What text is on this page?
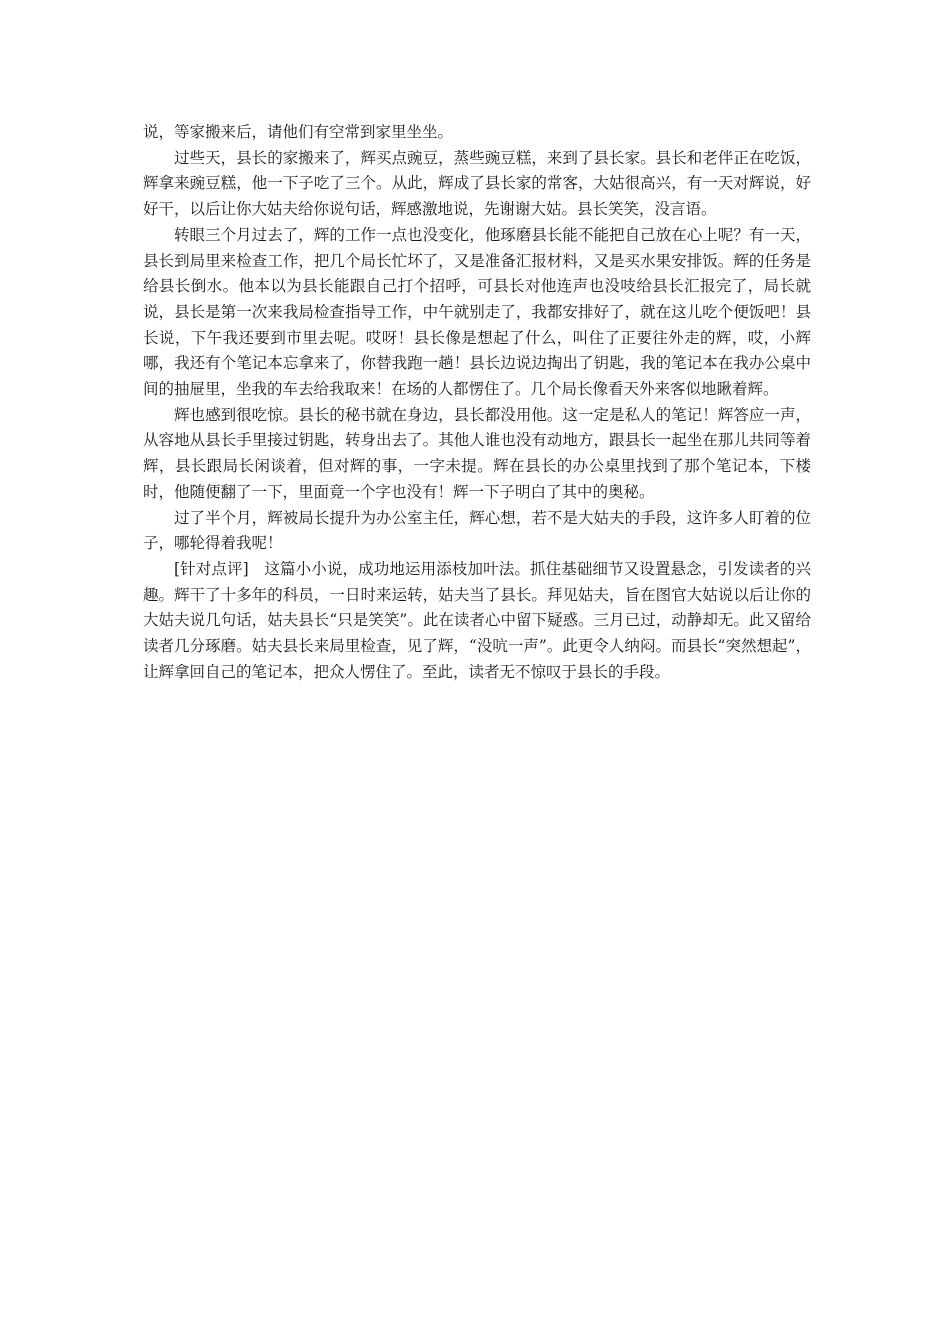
说，等家搬来后，请他们有空常到家里坐坐。

过些天，县长的家搬来了，辉买点豌豆，蒸些豌豆糕，来到了县长家。县长和老伴正在吃饭，辉拿来豌豆糕，他一下子吃了三个。从此，辉成了县长家的常客，大姑很高兴，有一天对辉说，好好干，以后让你大姑夫给你说句话，辉感激地说，先谢谢大姑。县长笑笑，没言语。

转眼三个月过去了，辉的工作一点也没变化，他琢磨县长能不能把自己放在心上呢？有一天，县长到局里来检查工作，把几个局长忙坏了，又是准备汇报材料，又是买水果安排饭。辉的任务是给县长倒水。他本以为县长能跟自己打个招呼，可县长对他连声也没吱给县长汇报完了，局长就说，县长是第一次来我局检查指导工作，中午就别走了，我都安排好了，就在这儿吃个便饭吧！县长说，下午我还要到市里去呢。哎呀！县长像是想起了什么，叫住了正要往外走的辉，哎，小辉哪，我还有个笔记本忘拿来了，你替我跑一趟！县长边说边掏出了钥匙，我的笔记本在我办公桌中间的抽屉里，坐我的车去给我取来！在场的人都愣住了。几个局长像看天外来客似地瞅着辉。

辉也感到很吃惊。县长的秘书就在身边，县长都没用他。这一定是私人的笔记！辉答应一声，从容地从县长手里接过钥匙，转身出去了。其他人谁也没有动地方，跟县长一起坐在那儿共同等着辉，县长跟局长闲谈着，但对辉的事，一字未提。辉在县长的办公桌里找到了那个笔记本，下楼时，他随便翻了一下，里面竟一个字也没有！辉一下子明白了其中的奥秘。

过了半个月，辉被局长提升为办公室主任，辉心想，若不是大姑夫的手段，这许多人盯着的位子，哪轮得着我呢！

[针对点评]　这篇小小说，成功地运用添枝加叶法。抓住基础细节又设置悬念，引发读者的兴趣。辉干了十多年的科员，一日时来运转，姑夫当了县长。拜见姑夫，旨在图官大姑说以后让你的大姑夫说几句话，姑夫县长“只是笑笑”。此在读者心中留下疑惑。三月已过，动静却无。此又留给读者几分琢磨。姑夫县长来局里检查，见了辉，“没吭一声”。此更令人纳闷。而县长“突然想起”，让辉拿回自己的笔记本，把众人愣住了。至此，读者无不惊叹于县长的手段。
